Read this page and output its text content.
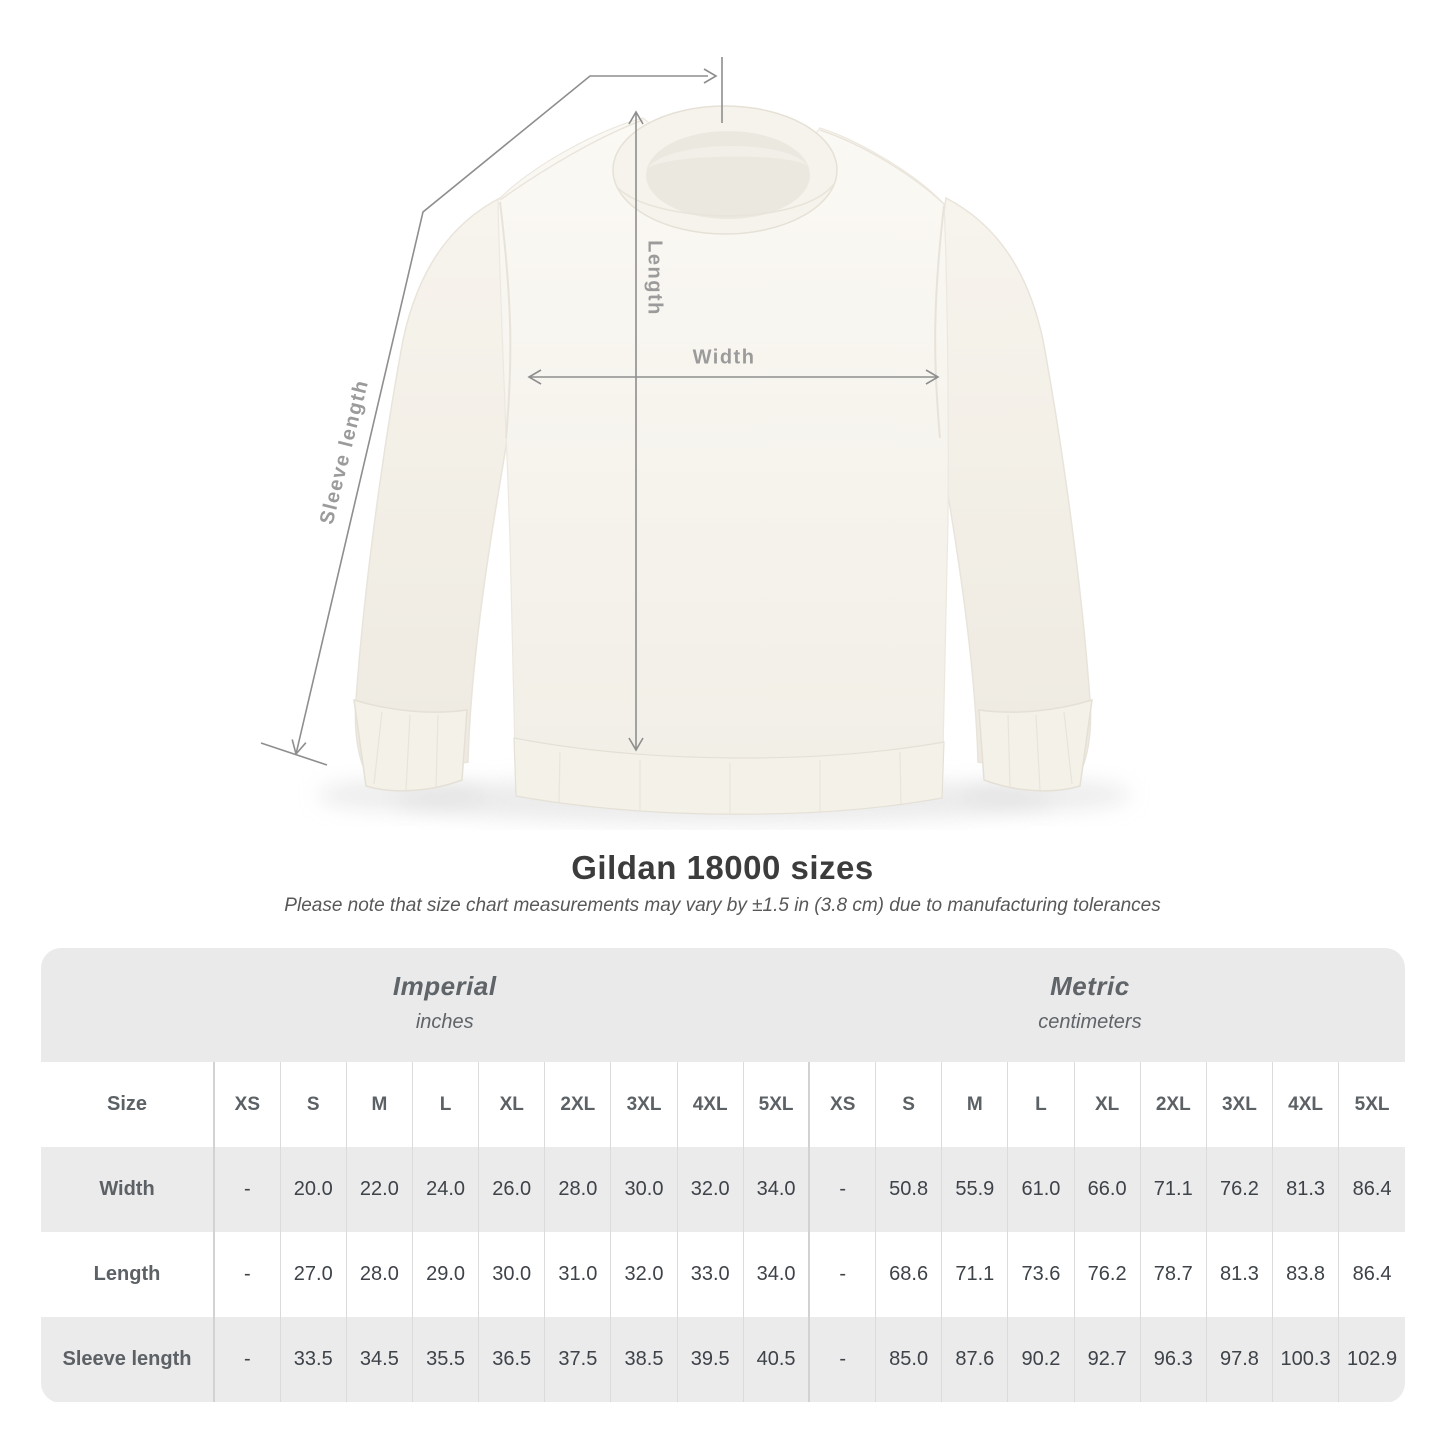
Length
Width
Sleeve length
Gildan 18000 sizes
Please note that size chart measurements may vary by ±1.5 in (3.8 cm) due to manufacturing tolerances
Imperial
inches
Metric
centimeters
Size	XS	S	M	L	XL	2XL	3XL	4XL	5XL	XS	S	M	L	XL	2XL	3XL	4XL	5XL
Width	-	20.0	22.0	24.0	26.0	28.0	30.0	32.0	34.0	-	50.8	55.9	61.0	66.0	71.1	76.2	81.3	86.4
Length	-	27.0	28.0	29.0	30.0	31.0	32.0	33.0	34.0	-	68.6	71.1	73.6	76.2	78.7	81.3	83.8	86.4
Sleeve length	-	33.5	34.5	35.5	36.5	37.5	38.5	39.5	40.5	-	85.0	87.6	90.2	92.7	96.3	97.8	100.3	102.9
